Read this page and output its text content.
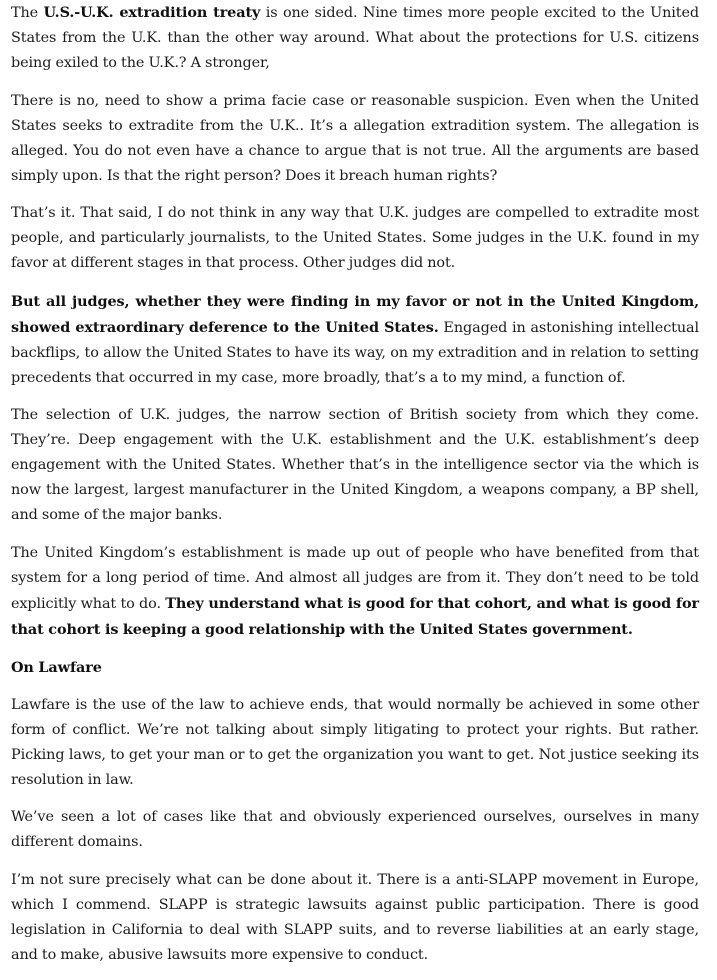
The U.S.-U.K. extradition treaty is one sided. Nine times more people excited to the United States from the U.K. than the other way around. What about the protections for U.S. citizens being exiled to the U.K.? A stronger,

There is no, need to show a prima facie case or reasonable suspicion. Even when the United States seeks to extradite from the U.K.. It’s a allegation extradition system. The allegation is alleged. You do not even have a chance to argue that is not true. All the arguments are based simply upon. Is that the right person? Does it breach human rights?

That’s it. That said, I do not think in any way that U.K. judges are compelled to extradite most people, and particularly journalists, to the United States. Some judges in the U.K. found in my favor at different stages in that process. Other judges did not.

But all judges, whether they were finding in my favor or not in the United Kingdom, showed extraordinary deference to the United States. Engaged in astonishing intellectual backflips, to allow the United States to have its way, on my extradition and in relation to setting precedents that occurred in my case, more broadly, that’s a to my mind, a function of.

The selection of U.K. judges, the narrow section of British society from which they come. They’re. Deep engagement with the U.K. establishment and the U.K. establishment’s deep engagement with the United States. Whether that’s in the intelligence sector via the which is now the largest, largest manufacturer in the United Kingdom, a weapons company, a BP shell, and some of the major banks.

The United Kingdom’s establishment is made up out of people who have benefited from that system for a long period of time. And almost all judges are from it. They don’t need to be told explicitly what to do. They understand what is good for that cohort, and what is good for that cohort is keeping a good relationship with the United States government.

On Lawfare

Lawfare is the use of the law to achieve ends, that would normally be achieved in some other form of conflict. We’re not talking about simply litigating to protect your rights. But rather. Picking laws, to get your man or to get the organization you want to get. Not justice seeking its resolution in law.

We’ve seen a lot of cases like that and obviously experienced ourselves, ourselves in many different domains.

I’m not sure precisely what can be done about it. There is a anti-SLAPP movement in Europe, which I commend. SLAPP is strategic lawsuits against public participation. There is good legislation in California to deal with SLAPP suits, and to reverse liabilities at an early stage, and to make, abusive lawsuits more expensive to conduct.
